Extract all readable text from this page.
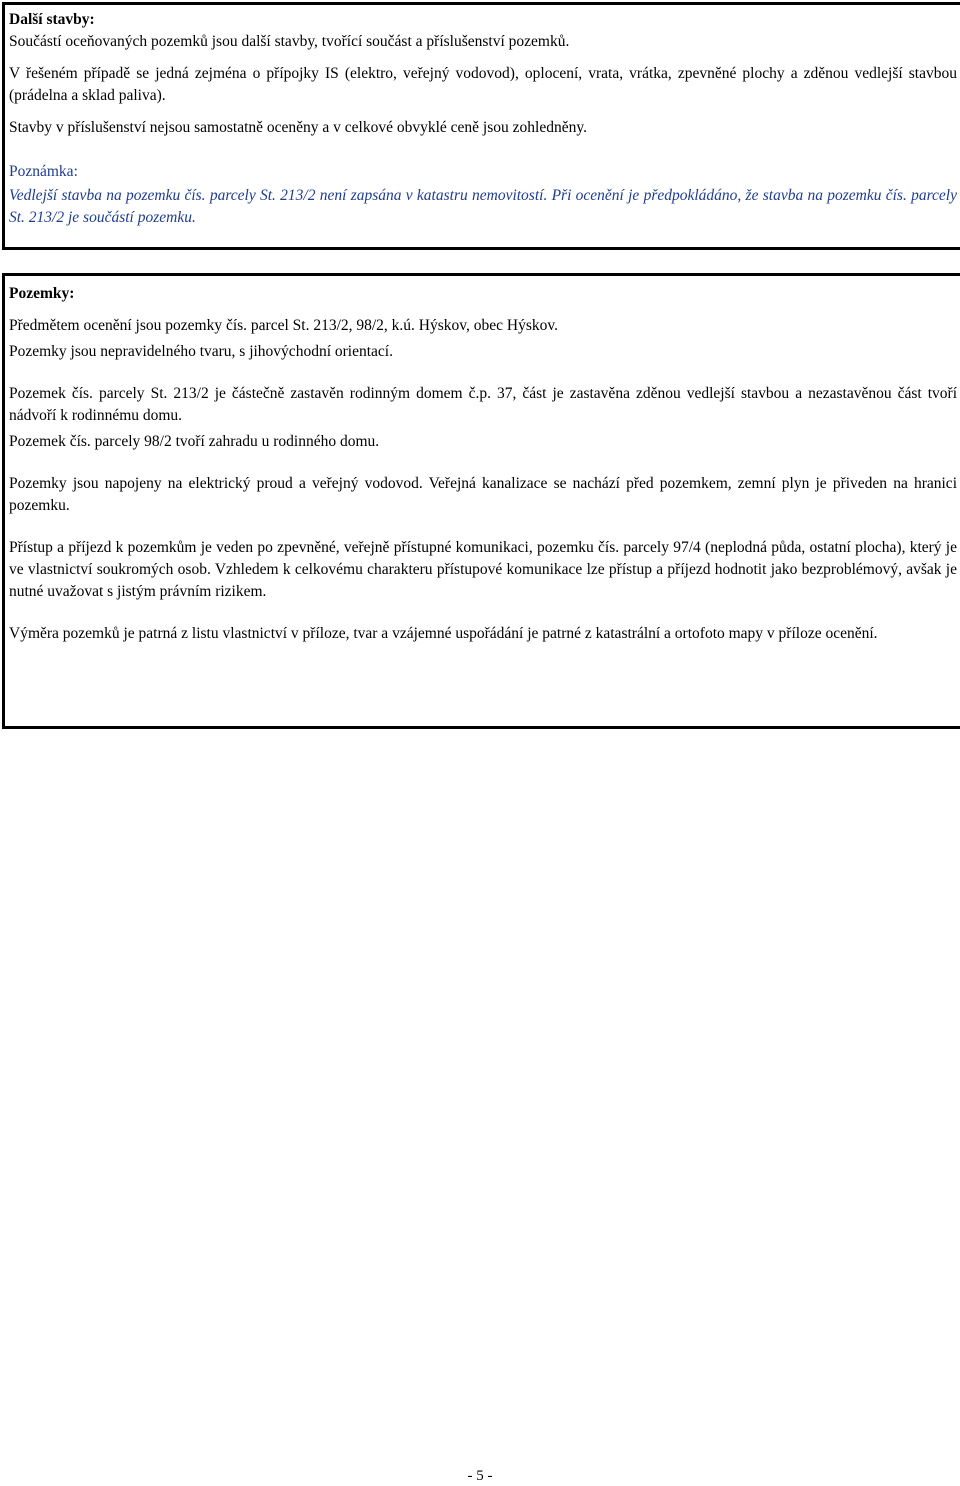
Další stavby:

Součástí oceňovaných pozemků jsou další stavby, tvořící součást a příslušenství pozemků.

V řešeném případě se jedná zejména o přípojky IS (elektro, veřejný vodovod), oplocení, vrata, vrátka, zpevněné plochy a zděnou vedlejší stavbou (prádelna a sklad paliva).

Stavby v příslušenství nejsou samostatně oceněny a v celkové obvyklé ceně jsou zohledněny.

Poznámka:

Vedlejší stavba na pozemku čís. parcely St. 213/2 není zapsána v katastru nemovitostí. Při ocenění je předpokládáno, že stavba na pozemku čís. parcely St. 213/2 je součástí pozemku.

Pozemky:

Předmětem ocenění jsou pozemky čís. parcel St. 213/2, 98/2, k.ú. Hýskov, obec Hýskov.

Pozemky jsou nepravidelného tvaru, s jihovýchodní orientací.

Pozemek čís. parcely St. 213/2 je částečně zastavěn rodinným domem č.p. 37, část je zastavěna zděnou vedlejší stavbou a nezastavěnou část tvoří nádvoří k rodinnému domu.

Pozemek čís. parcely 98/2 tvoří zahradu u rodinného domu.

Pozemky jsou napojeny na elektrický proud a veřejný vodovod. Veřejná kanalizace se nachází před pozemkem, zemní plyn je přiveden na hranici pozemku.

Přístup a příjezd k pozemkům je veden po zpevněné, veřejně přístupné komunikaci, pozemku čís. parcely 97/4 (neplodná půda, ostatní plocha), který je ve vlastnictví soukromých osob. Vzhledem k celkovému charakteru přístupové komunikace lze přístup a příjezd hodnotit jako bezproblémový, avšak je nutné uvažovat s jistým právním rizikem.

Výměra pozemků je patrná z listu vlastnictví v příloze, tvar a vzájemné uspořádání je patrné z katastrální a ortofoto mapy v příloze ocenění.

- 5 -
